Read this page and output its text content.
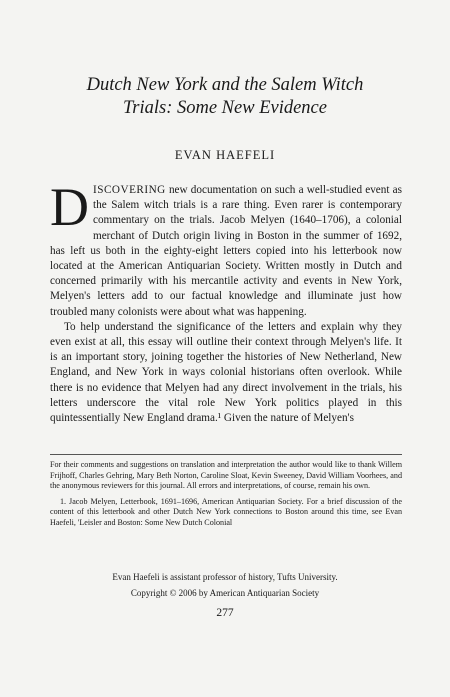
Dutch New York and the Salem Witch
Trials: Some New Evidence
EVAN HAEFELI

DISCOVERING new documentation on such a well-studied event as the Salem witch trials is a rare thing. Even rarer is contemporary commentary on the trials. Jacob Melyen (1640–1706), a colonial merchant of Dutch origin living in Boston in the summer of 1692, has left us both in the eighty-eight letters copied into his letterbook now located at the American Antiquarian Society. Written mostly in Dutch and concerned primarily with his mercantile activity and events in New York, Melyen's letters add to our factual knowledge and illuminate just how troubled many colonists were about what was happening.

To help understand the significance of the letters and explain why they even exist at all, this essay will outline their context through Melyen's life. It is an important story, joining together the histories of New Netherland, New England, and New York in ways colonial historians often overlook. While there is no evidence that Melyen had any direct involvement in the trials, his letters underscore the vital role New York politics played in this quintessentially New England drama.¹ Given the nature of Melyen's

For their comments and suggestions on translation and interpretation the author would like to thank Willem Frijhoff, Charles Gehring, Mary Beth Norton, Caroline Sloat, Kevin Sweeney, David William Voorhees, and the anonymous reviewers for this journal. All errors and interpretations, of course, remain his own.

1. Jacob Melyen, Letterbook, 1691–1696, American Antiquarian Society. For a brief discussion of the content of this letterbook and other Dutch New York connections to Boston around this time, see Evan Haefeli, 'Leisler and Boston: Some New Dutch Colonial

Evan Haefeli is assistant professor of history, Tufts University.
Copyright © 2006 by American Antiquarian Society
277
